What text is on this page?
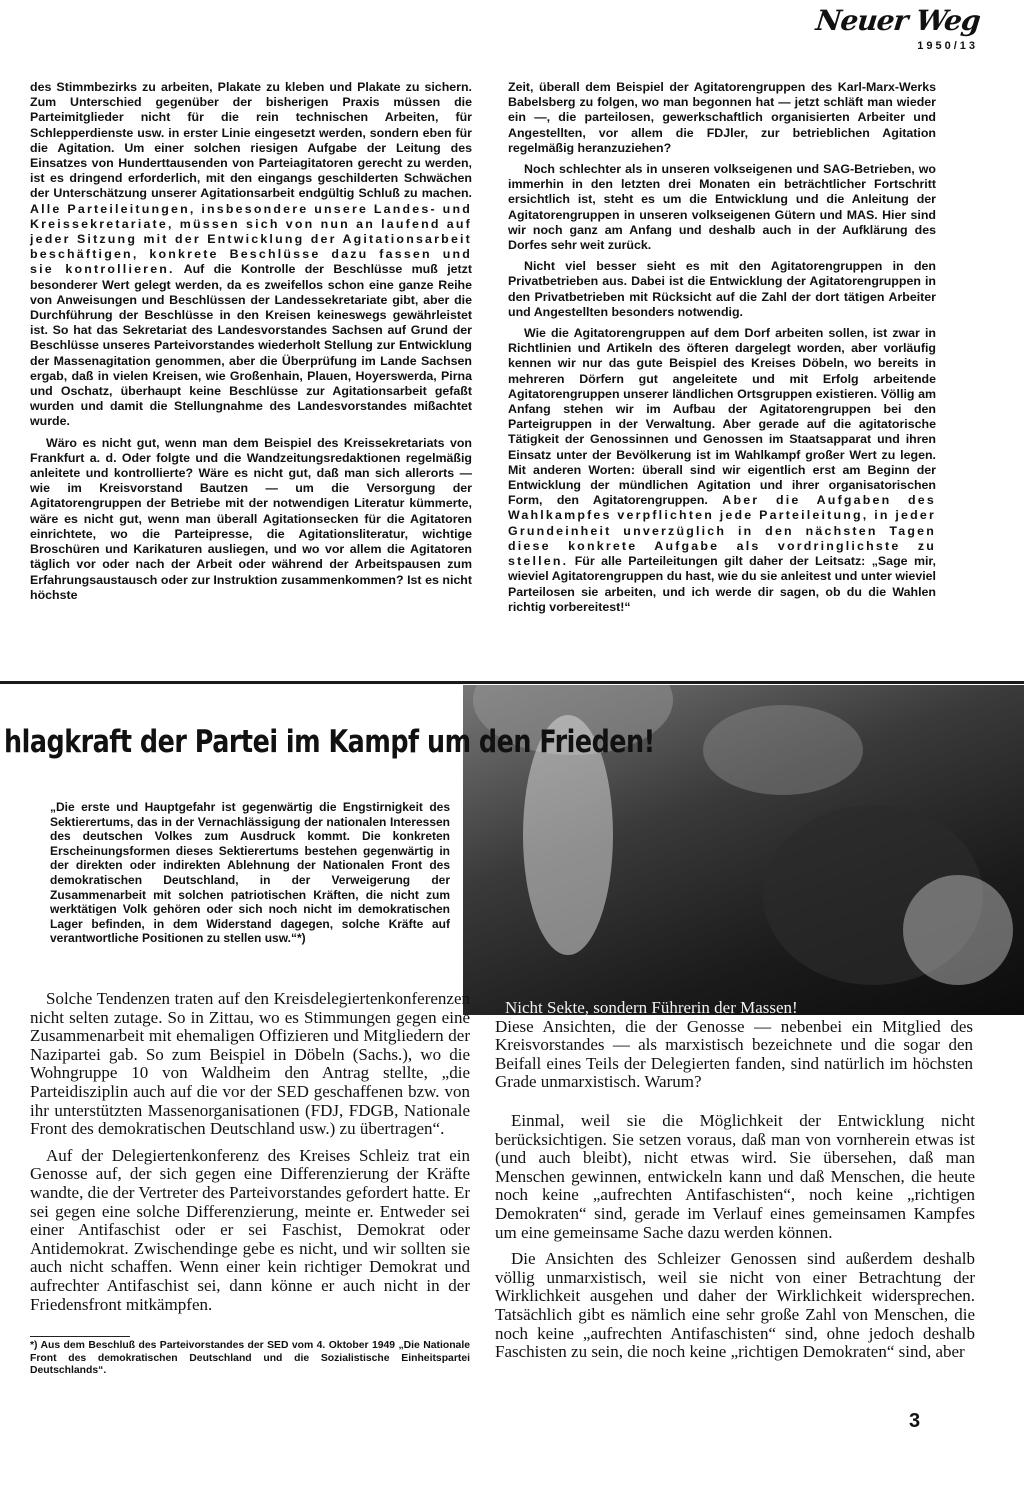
Neuer Weg
1950/13

des Stimmbezirks zu arbeiten, Plakate zu kleben und Plakate zu sichern. Zum Unterschied gegenüber der bisherigen Praxis müssen die Parteimitglieder nicht für die rein technischen Arbeiten, für Schlepperdienste usw. in erster Linie eingesetzt werden, sondern eben für die Agitation. Um einer solchen riesigen Aufgabe der Leitung des Einsatzes von Hunderttausenden von Parteiagitatoren gerecht zu werden, ist es dringend erforderlich, mit den eingangs geschilderten Schwächen der Unterschätzung unserer Agitationsarbeit endgültig Schluß zu machen. Alle Parteileitungen, insbesondere unsere Landes- und Kreissekretariate, müssen sich von nun an laufend auf jeder Sitzung mit der Entwicklung der Agitationsarbeit beschäftigen, konkrete Beschlüsse dazu fassen und sie kontrollieren. Auf die Kontrolle der Beschlüsse muß jetzt besonderer Wert gelegt werden, da es zweifellos schon eine ganze Reihe von Anweisungen und Beschlüssen der Landessekretariate gibt, aber die Durchführung der Beschlüsse in den Kreisen keineswegs gewährleistet ist. So hat das Sekretariat des Landesvorstandes Sachsen auf Grund der Beschlüsse unseres Parteivorstandes wiederholt Stellung zur Entwicklung der Massenagitation genommen, aber die Überprüfung im Lande Sachsen ergab, daß in vielen Kreisen, wie Großenhain, Plauen, Hoyerswerda, Pirna und Oschatz, überhaupt keine Beschlüsse zur Agitationsarbeit gefaßt wurden und damit die Stellungnahme des Landesvorstandes mißachtet wurde.

Wäro es nicht gut, wenn man dem Beispiel des Kreissekretariats von Frankfurt a. d. Oder folgte und die Wandzeitungsredaktionen regelmäßig anleitete und kontrollierte? Wäre es nicht gut, daß man sich allerorts — wie im Kreisvorstand Bautzen — um die Versorgung der Agitatorengruppen der Betriebe mit der notwendigen Literatur kümmerte, wäre es nicht gut, wenn man überall Agitationsecken für die Agitatoren einrichtete, wo die Parteipresse, die Agitationsliteratur, wichtige Broschüren und Karikaturen ausliegen, und wo vor allem die Agitatoren täglich vor oder nach der Arbeit oder während der Arbeitspausen zum Erfahrungsaustausch oder zur Instruktion zusammenkommen? Ist es nicht höchste

Zeit, überall dem Beispiel der Agitatorengruppen des Karl-Marx-Werks Babelsberg zu folgen, wo man begonnen hat — jetzt schläft man wieder ein —, die parteilosen, gewerkschaftlich organisierten Arbeiter und Angestellten, vor allem die FDJler, zur betrieblichen Agitation regelmäßig heranzuziehen?

Noch schlechter als in unseren volkseigenen und SAG-Betrieben, wo immerhin in den letzten drei Monaten ein beträchtlicher Fortschritt ersichtlich ist, steht es um die Entwicklung und die Anleitung der Agitatorengruppen in unseren volkseigenen Gütern und MAS. Hier sind wir noch ganz am Anfang und deshalb auch in der Aufklärung des Dorfes sehr weit zurück.

Nicht viel besser sieht es mit den Agitatorengruppen in den Privatbetrieben aus. Dabei ist die Entwicklung der Agitatorengruppen in den Privatbetrieben mit Rücksicht auf die Zahl der dort tätigen Arbeiter und Angestellten besonders notwendig.

Wie die Agitatorengruppen auf dem Dorf arbeiten sollen, ist zwar in Richtlinien und Artikeln des öfteren dargelegt worden, aber vorläufig kennen wir nur das gute Beispiel des Kreises Döbeln, wo bereits in mehreren Dörfern gut angeleitete und mit Erfolg arbeitende Agitatorengruppen unserer ländlichen Ortsgruppen existieren. Völlig am Anfang stehen wir im Aufbau der Agitatorengruppen bei den Parteigruppen in der Verwaltung. Aber gerade auf die agitatorische Tätigkeit der Genossinnen und Genossen im Staatsapparat und ihren Einsatz unter der Bevölkerung ist im Wahlkampf großer Wert zu legen. Mit anderen Worten: überall sind wir eigentlich erst am Beginn der Entwicklung der mündlichen Agitation und ihrer organisatorischen Form, den Agitatorengruppen. Aber die Aufgaben des Wahlkampfes verpflichten jede Parteileitung, in jeder Grundeinheit unverzüglich in den nächsten Tagen diese konkrete Aufgabe als vordringlichste zu stellen. Für alle Parteileitungen gilt daher der Leitsatz: „Sage mir, wieviel Agitatorengruppen du hast, wie du sie anleitest und unter wieviel Parteilosen sie arbeiten, und ich werde dir sagen, ob du die Wahlen richtig vorbereitest!“

hlagkraft der Partei im Kampf um den Frieden!

„Die erste und Hauptgefahr ist gegenwärtig die Engstirnigkeit des Sektierertums, das in der Vernachlässigung der nationalen Interessen des deutschen Volkes zum Ausdruck kommt. Die konkreten Erscheinungsformen dieses Sektierertums bestehen gegenwärtig in der direkten oder indirekten Ablehnung der Nationalen Front des demokratischen Deutschland, in der Verweigerung der Zusammenarbeit mit solchen patriotischen Kräften, die nicht zum werktätigen Volk gehören oder sich noch nicht im demokratischen Lager befinden, in dem Widerstand dagegen, solche Kräfte auf verantwortliche Positionen zu stellen usw.“*)

Solche Tendenzen traten auf den Kreisdelegiertenkonferenzen nicht selten zutage. So in Zittau, wo es Stimmungen gegen eine Zusammenarbeit mit ehemaligen Offizieren und Mitgliedern der Nazipartei gab. So zum Beispiel in Döbeln (Sachs.), wo die Wohngruppe 10 von Waldheim den Antrag stellte, „die Parteidisziplin auch auf die vor der SED geschaffenen bzw. von ihr unterstützten Massenorganisationen (FDJ, FDGB, Nationale Front des demokratischen Deutschland usw.) zu übertragen“.

Auf der Delegiertenkonferenz des Kreises Schleiz trat ein Genosse auf, der sich gegen eine Differenzierung der Kräfte wandte, die der Vertreter des Parteivorstandes gefordert hatte. Er sei gegen eine solche Differenzierung, meinte er. Entweder sei einer Antifaschist oder er sei Faschist, Demokrat oder Antidemokrat. Zwischendinge gebe es nicht, und wir sollten sie auch nicht schaffen. Wenn einer kein richtiger Demokrat und aufrechter Antifaschist sei, dann könne er auch nicht in der Friedensfront mitkämpfen.

Nicht Sekte, sondern Führerin der Massen!

Diese Ansichten, die der Genosse — nebenbei ein Mitglied des Kreisvorstandes — als marxistisch bezeichnete und die sogar den Beifall eines Teils der Delegierten fanden, sind natürlich im höchsten Grade unmarxistisch. Warum?

Einmal, weil sie die Möglichkeit der Entwicklung nicht berücksichtigen. Sie setzen voraus, daß man von vornherein etwas ist (und auch bleibt), nicht etwas wird. Sie übersehen, daß man Menschen gewinnen, entwickeln kann und daß Menschen, die heute noch keine „aufrechten Antifaschisten“, noch keine „richtigen Demokraten“ sind, gerade im Verlauf eines gemeinsamen Kampfes um eine gemeinsame Sache dazu werden können.

Die Ansichten des Schleizer Genossen sind außerdem deshalb völlig unmarxistisch, weil sie nicht von einer Betrachtung der Wirklichkeit ausgehen und daher der Wirklichkeit widersprechen. Tatsächlich gibt es nämlich eine sehr große Zahl von Menschen, die noch keine „aufrechten Antifaschisten“ sind, ohne jedoch deshalb Faschisten zu sein, die noch keine „richtigen Demokraten“ sind, aber

*) Aus dem Beschluß des Parteivorstandes der SED vom 4. Oktober 1949 „Die Nationale Front des demokratischen Deutschland und die Sozialistische Einheitspartei Deutschlands“.
3
